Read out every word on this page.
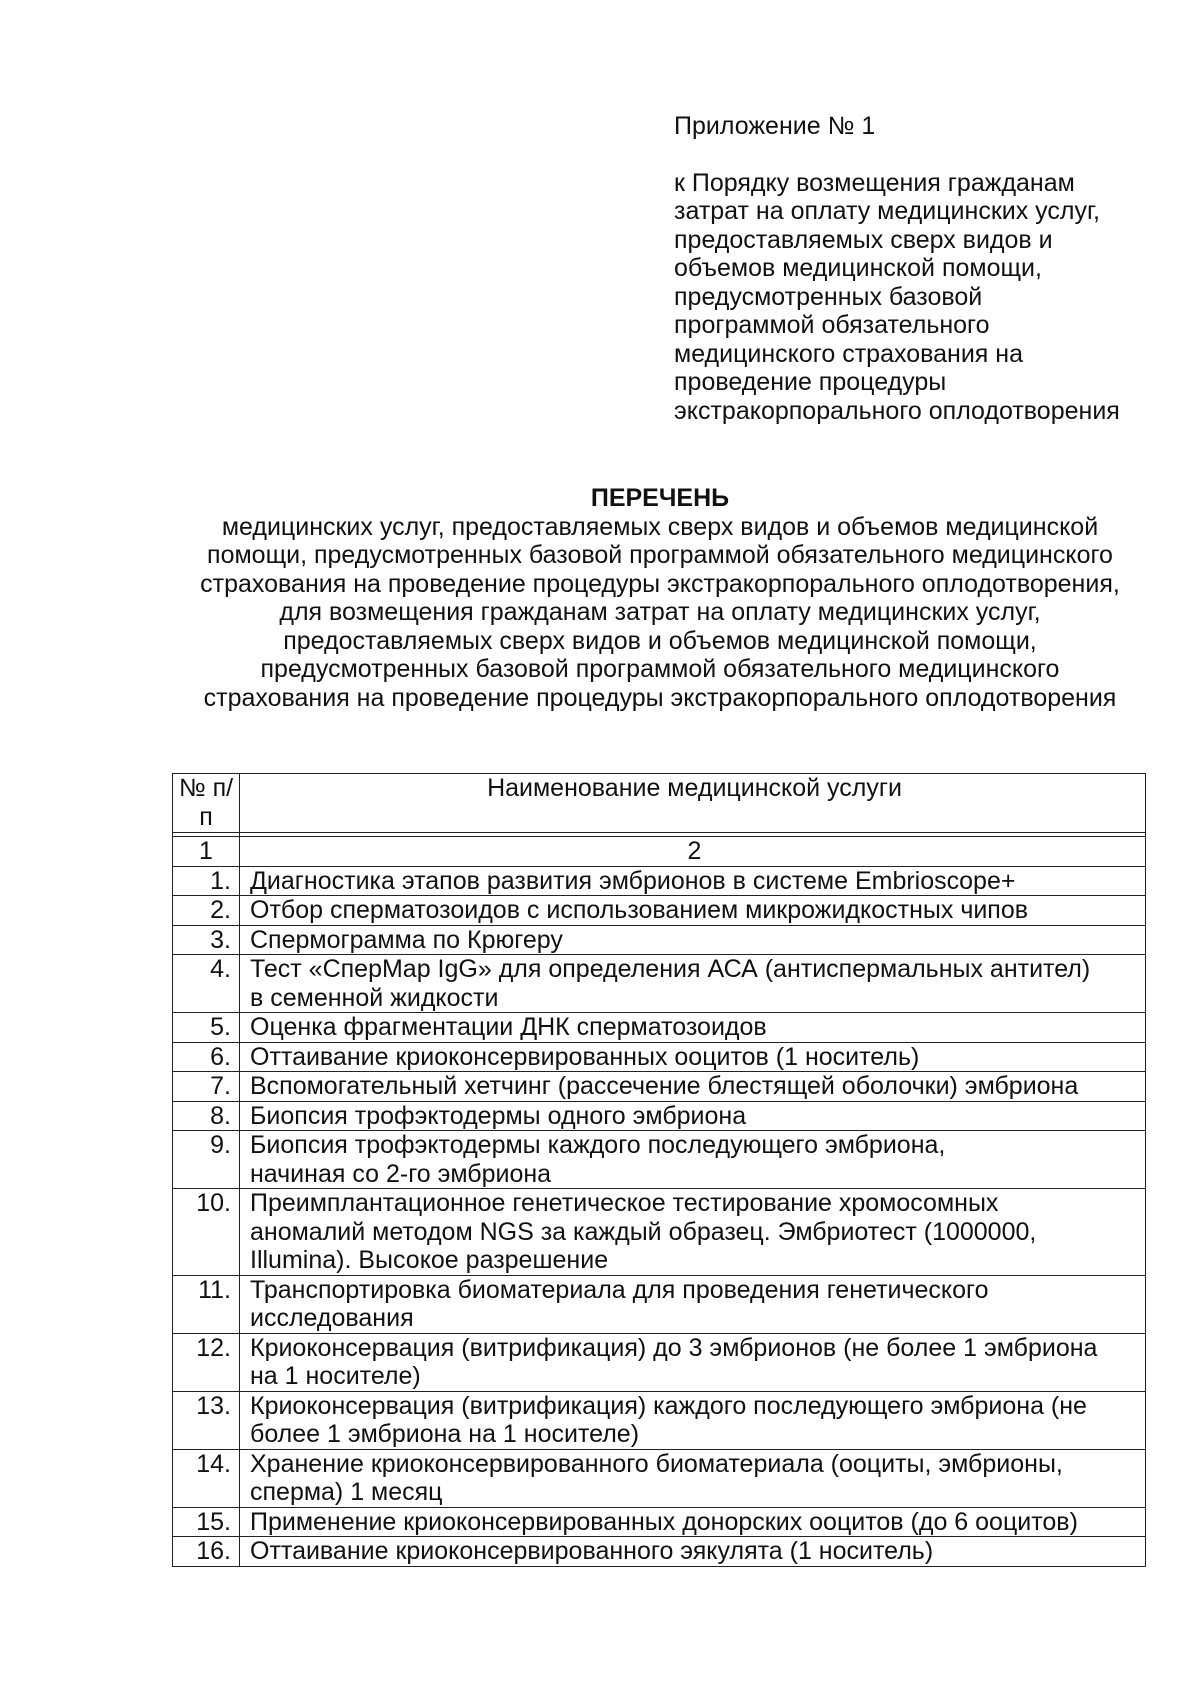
Приложение № 1
к Порядку возмещения гражданам
затрат на оплату медицинских услуг,
предоставляемых сверх видов и
объемов медицинской помощи,
предусмотренных базовой
программой обязательного
медицинского страхования на
проведение процедуры
экстракорпорального оплодотворения
ПЕРЕЧЕНЬ
медицинских услуг, предоставляемых сверх видов и объемов медицинской
помощи, предусмотренных базовой программой обязательного медицинского
страхования на проведение процедуры экстракорпорального оплодотворения,
для возмещения гражданам затрат на оплату медицинских услуг,
предоставляемых сверх видов и объемов медицинской помощи,
предусмотренных базовой программой обязательного медицинского
страхования на проведение процедуры экстракорпорального оплодотворения
№ п/п	Наименование медицинской услуги

1	2
1.	Диагностика этапов развития эмбрионов в системе Embrioscope+

2.	Отбор сперматозоидов с использованием микрожидкостных чипов

3.	Спермограмма по Крюгеру

4.	Тест «СперMap IgG» для определения АСА (антиспермальных антител)
в семенной жидкости

5.	Оценка фрагментации ДНК сперматозоидов

6.	Оттаивание криоконсервированных ооцитов (1 носитель)

7.	Вспомогательный хетчинг (рассечение блестящей оболочки) эмбриона

8.	Биопсия трофэктодермы одного эмбриона

9.	Биопсия трофэктодермы каждого последующего эмбриона,
начиная со 2-го эмбриона

10.	Преимплантационное генетическое тестирование хромосомных
аномалий методом NGS за каждый образец. Эмбриотест (1000000,
Illumina). Высокое разрешение

11.	Транспортировка биоматериала для проведения генетического
исследования

12.	Криоконсервация (витрификация) до 3 эмбрионов (не более 1 эмбриона
на 1 носителе)

13.	Криоконсервация (витрификация) каждого последующего эмбриона (не
более 1 эмбриона на 1 носителе)

14.	Хранение криоконсервированного биоматериала (ооциты, эмбрионы,
сперма) 1 месяц

15.	Применение криоконсервированных донорских ооцитов (до 6 ооцитов)

16.	Оттаивание криоконсервированного эякулята (1 носитель)
